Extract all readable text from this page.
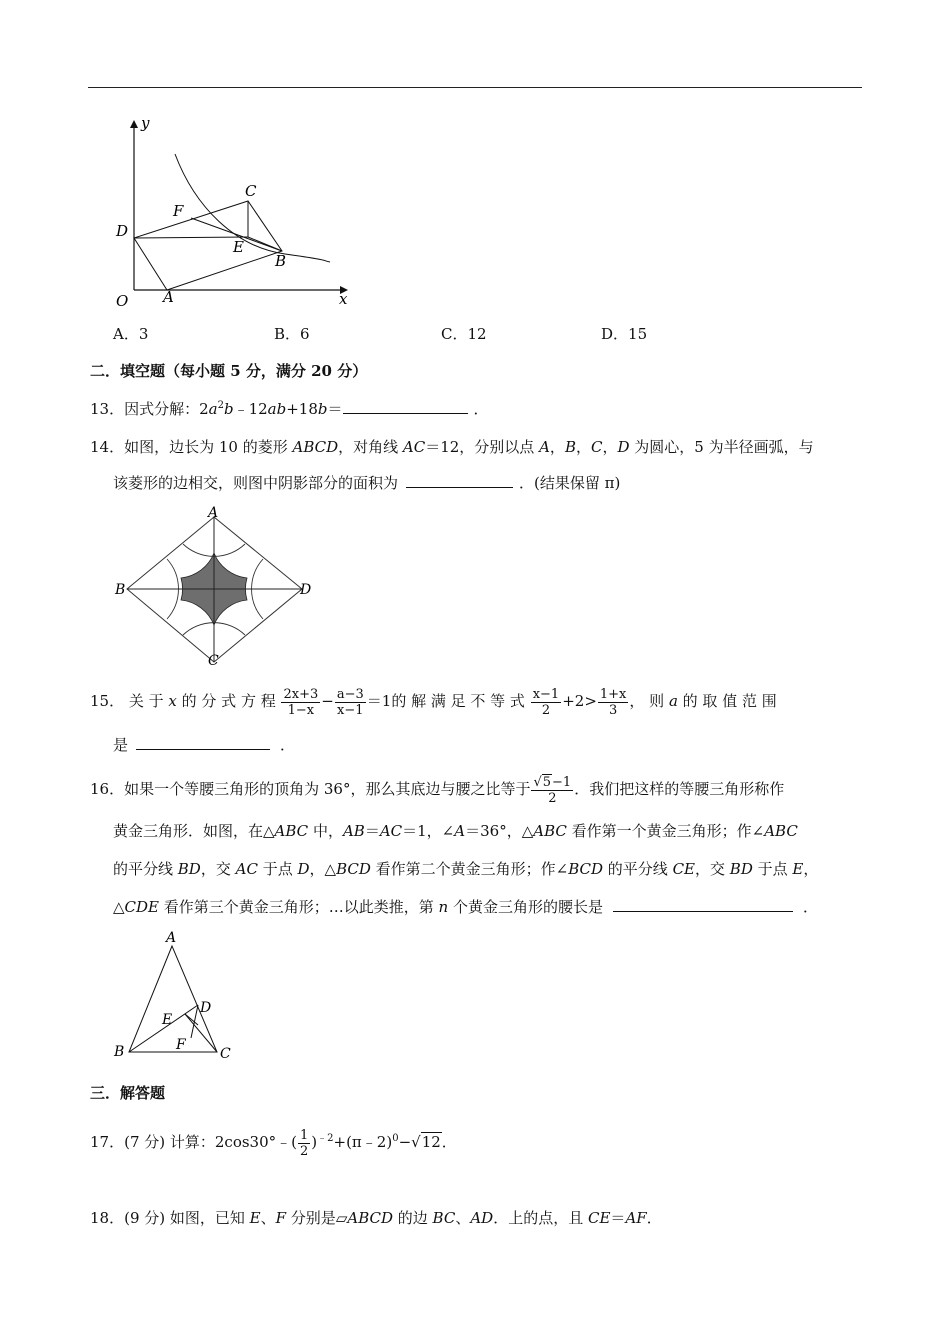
y
x
O A
B
C
D
E
F
A．3	B．6	C．12	D．15
二．填空题（每小题 5 分，满分 20 分）
13．因式分解：$2a^2b﹣12ab+18b=$	．
14．如图，边长为 10 的菱形 ABCD，对角线 AC＝12，分别以点 A，B，C，D 为圆心，5 为半径画弧，与
该菱形的边相交，则图中阴影部分的面积为	．(结果保留 π)
A
B
C
D
15． 关 于 x 的 分 式 方 程 $\frac{2x+3}{1-x} - \frac{a-3}{x-1} =1$的 解 满 足 不 等 式 $\frac{x-1}{2} +2> \frac{1+x}{3}$ ， 则 a 的 取 值 范 围
是	．
16．如果一个等腰三角形的顶角为 36°，那么其底边与腰之比等于 $\frac{√5-1}{2}$ ．我们把这样的等腰三角形称作
黄金三角形．如图，在△ABC 中，AB＝AC＝1，∠A＝36°，△ABC 看作第一个黄金三角形；作∠ABC
的平分线 BD，交 AC 于点 D，△BCD 看作第二个黄金三角形；作∠BCD 的平分线 CE，交 BD 于点 E，
△CDE 看作第三个黄金三角形；…以此类推，第 n 个黄金三角形的腰长是	．
A
B	C
D
E
F
三．解答题
17．(7 分) 计算：2cos30°﹣( $\frac{1}{2}$ )$^{﹣2}$+(π﹣2)$^0$−√12．
18．(9 分) 如图，已知 E、F 分别是▱ABCD 的边 BC、AD．上的点，且 CE＝AF．
